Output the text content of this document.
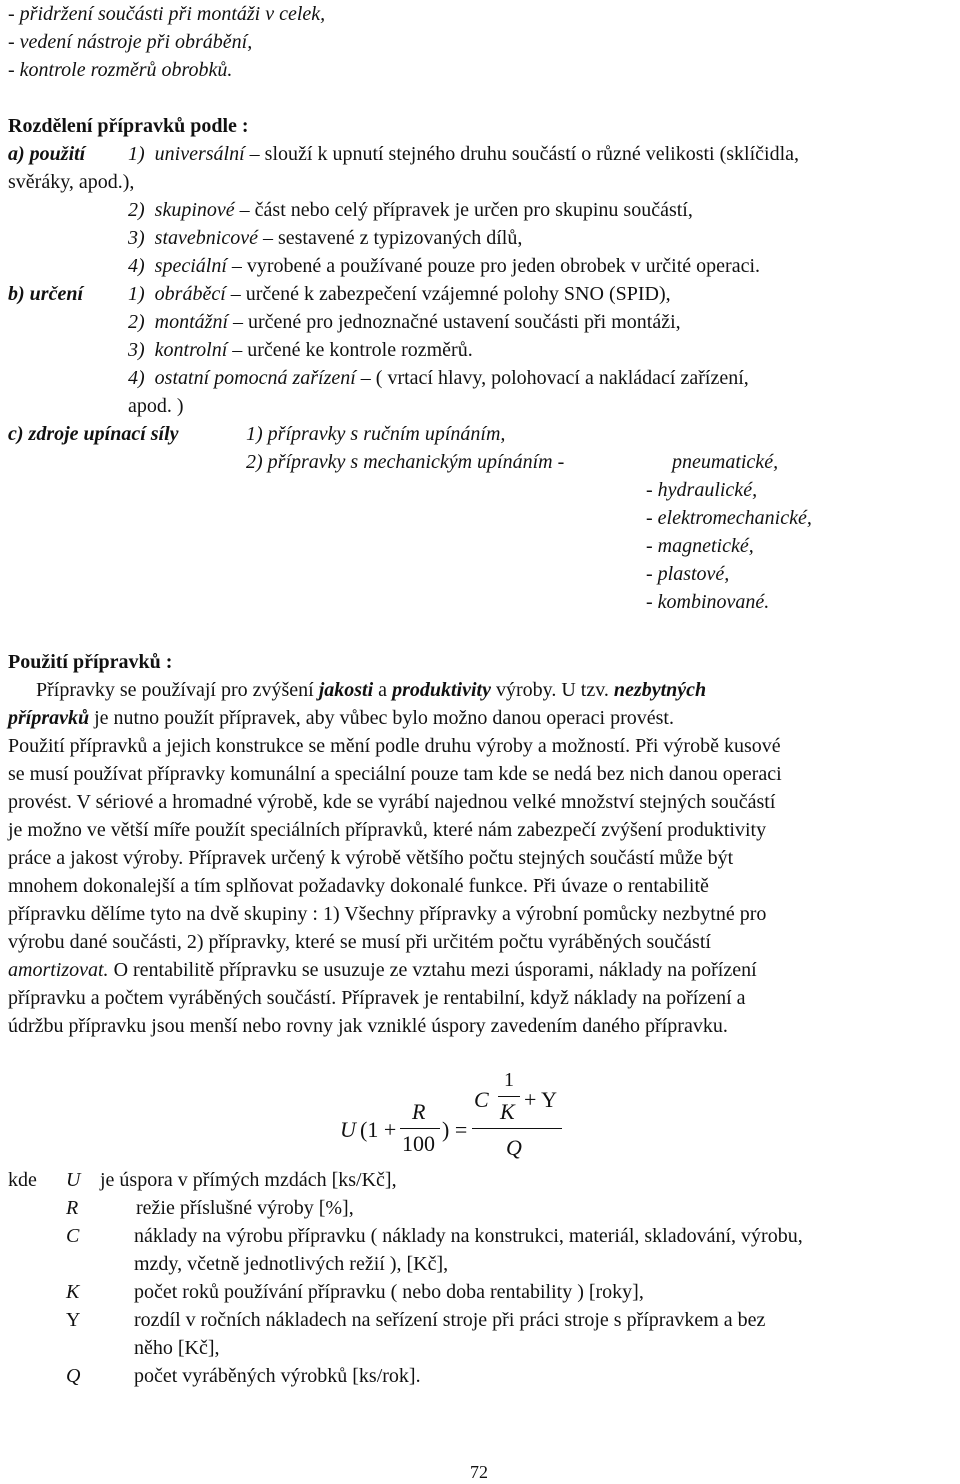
- přidržení součásti při montáži v celek,
- vedení nástroje při obrábění,
- kontrole rozměrů obrobků.
Rozdělení přípravků podle :
a) použití 1) universální – slouží k upnutí stejného druhu součástí o různé velikosti (sklíčidla,
svěráky, apod.),
2) skupinové – část nebo celý přípravek je určen pro skupinu součástí,
3) stavebnicové – sestavené z typizovaných dílů,
4) speciální – vyrobené a používané pouze pro jeden obrobek v určité operaci.
b) určení 1) obráběcí – určené k zabezpečení vzájemné polohy SNO (SPID),
2) montážní – určené pro jednoznačné ustavení součásti při montáži,
3) kontrolní – určené ke kontrole rozměrů.
4) ostatní pomocná zařízení – ( vrtací hlavy, polohovací a nakládací zařízení,
apod. )
c) zdroje upínací síly	1) přípravky s ručním upínáním,
2) přípravky s mechanickým upínáním -	pneumatické,
- hydraulické,
- elektromechanické,
- magnetické,
- plastové,
- kombinované.
Použití přípravků :
Přípravky se používají pro zvýšení jakosti a produktivity výroby. U tzv. nezbytných
přípravků je nutno použít přípravek, aby vůbec bylo možno danou operaci provést.
Použití přípravků a jejich konstrukce se mění podle druhu výroby a možností. Při výrobě kusové
se musí používat přípravky komunální a speciální pouze tam kde se nedá bez nich danou operaci
provést. V sériové a hromadné výrobě, kde se vyrábí najednou velké množství stejných součástí
je možno ve větší míře použít speciálních přípravků, které nám zabezpečí zvýšení produktivity
práce a jakost výroby. Přípravek určený k výrobě většího počtu stejných součástí může být
mnohem dokonalejší a tím splňovat požadavky dokonalé funkce. Při úvaze o rentabilitě
přípravku dělíme tyto na dvě skupiny : 1) Všechny přípravky a výrobní pomůcky nezbytné pro
výrobu dané součásti, 2) přípravky, které se musí při určitém počtu vyráběných součástí
amortizovat. O rentabilitě přípravku se usuzuje ze vztahu mezi úsporami, náklady na pořízení
přípravku a počtem vyráběných součástí. Přípravek je rentabilní, když náklady na pořízení a
údržbu přípravku jsou menší nebo rovny jak vzniklé úspory zavedením daného přípravku.
U (1 +
R
100
) =
C
1
K + Y
Q
kde U je úspora v přímých mzdách [ks/Kč],
R	režie příslušné výroby [%],
C	náklady na výrobu přípravku ( náklady na konstrukci, materiál, skladování, výrobu,
mzdy, včetně jednotlivých režií ), [Kč],
K	počet roků používání přípravku ( nebo doba rentability ) [roky],
Y	rozdíl v ročních nákladech na seřízení stroje při práci stroje s přípravkem a bez
něho [Kč],
Q	počet vyráběných výrobků [ks/rok].
72
